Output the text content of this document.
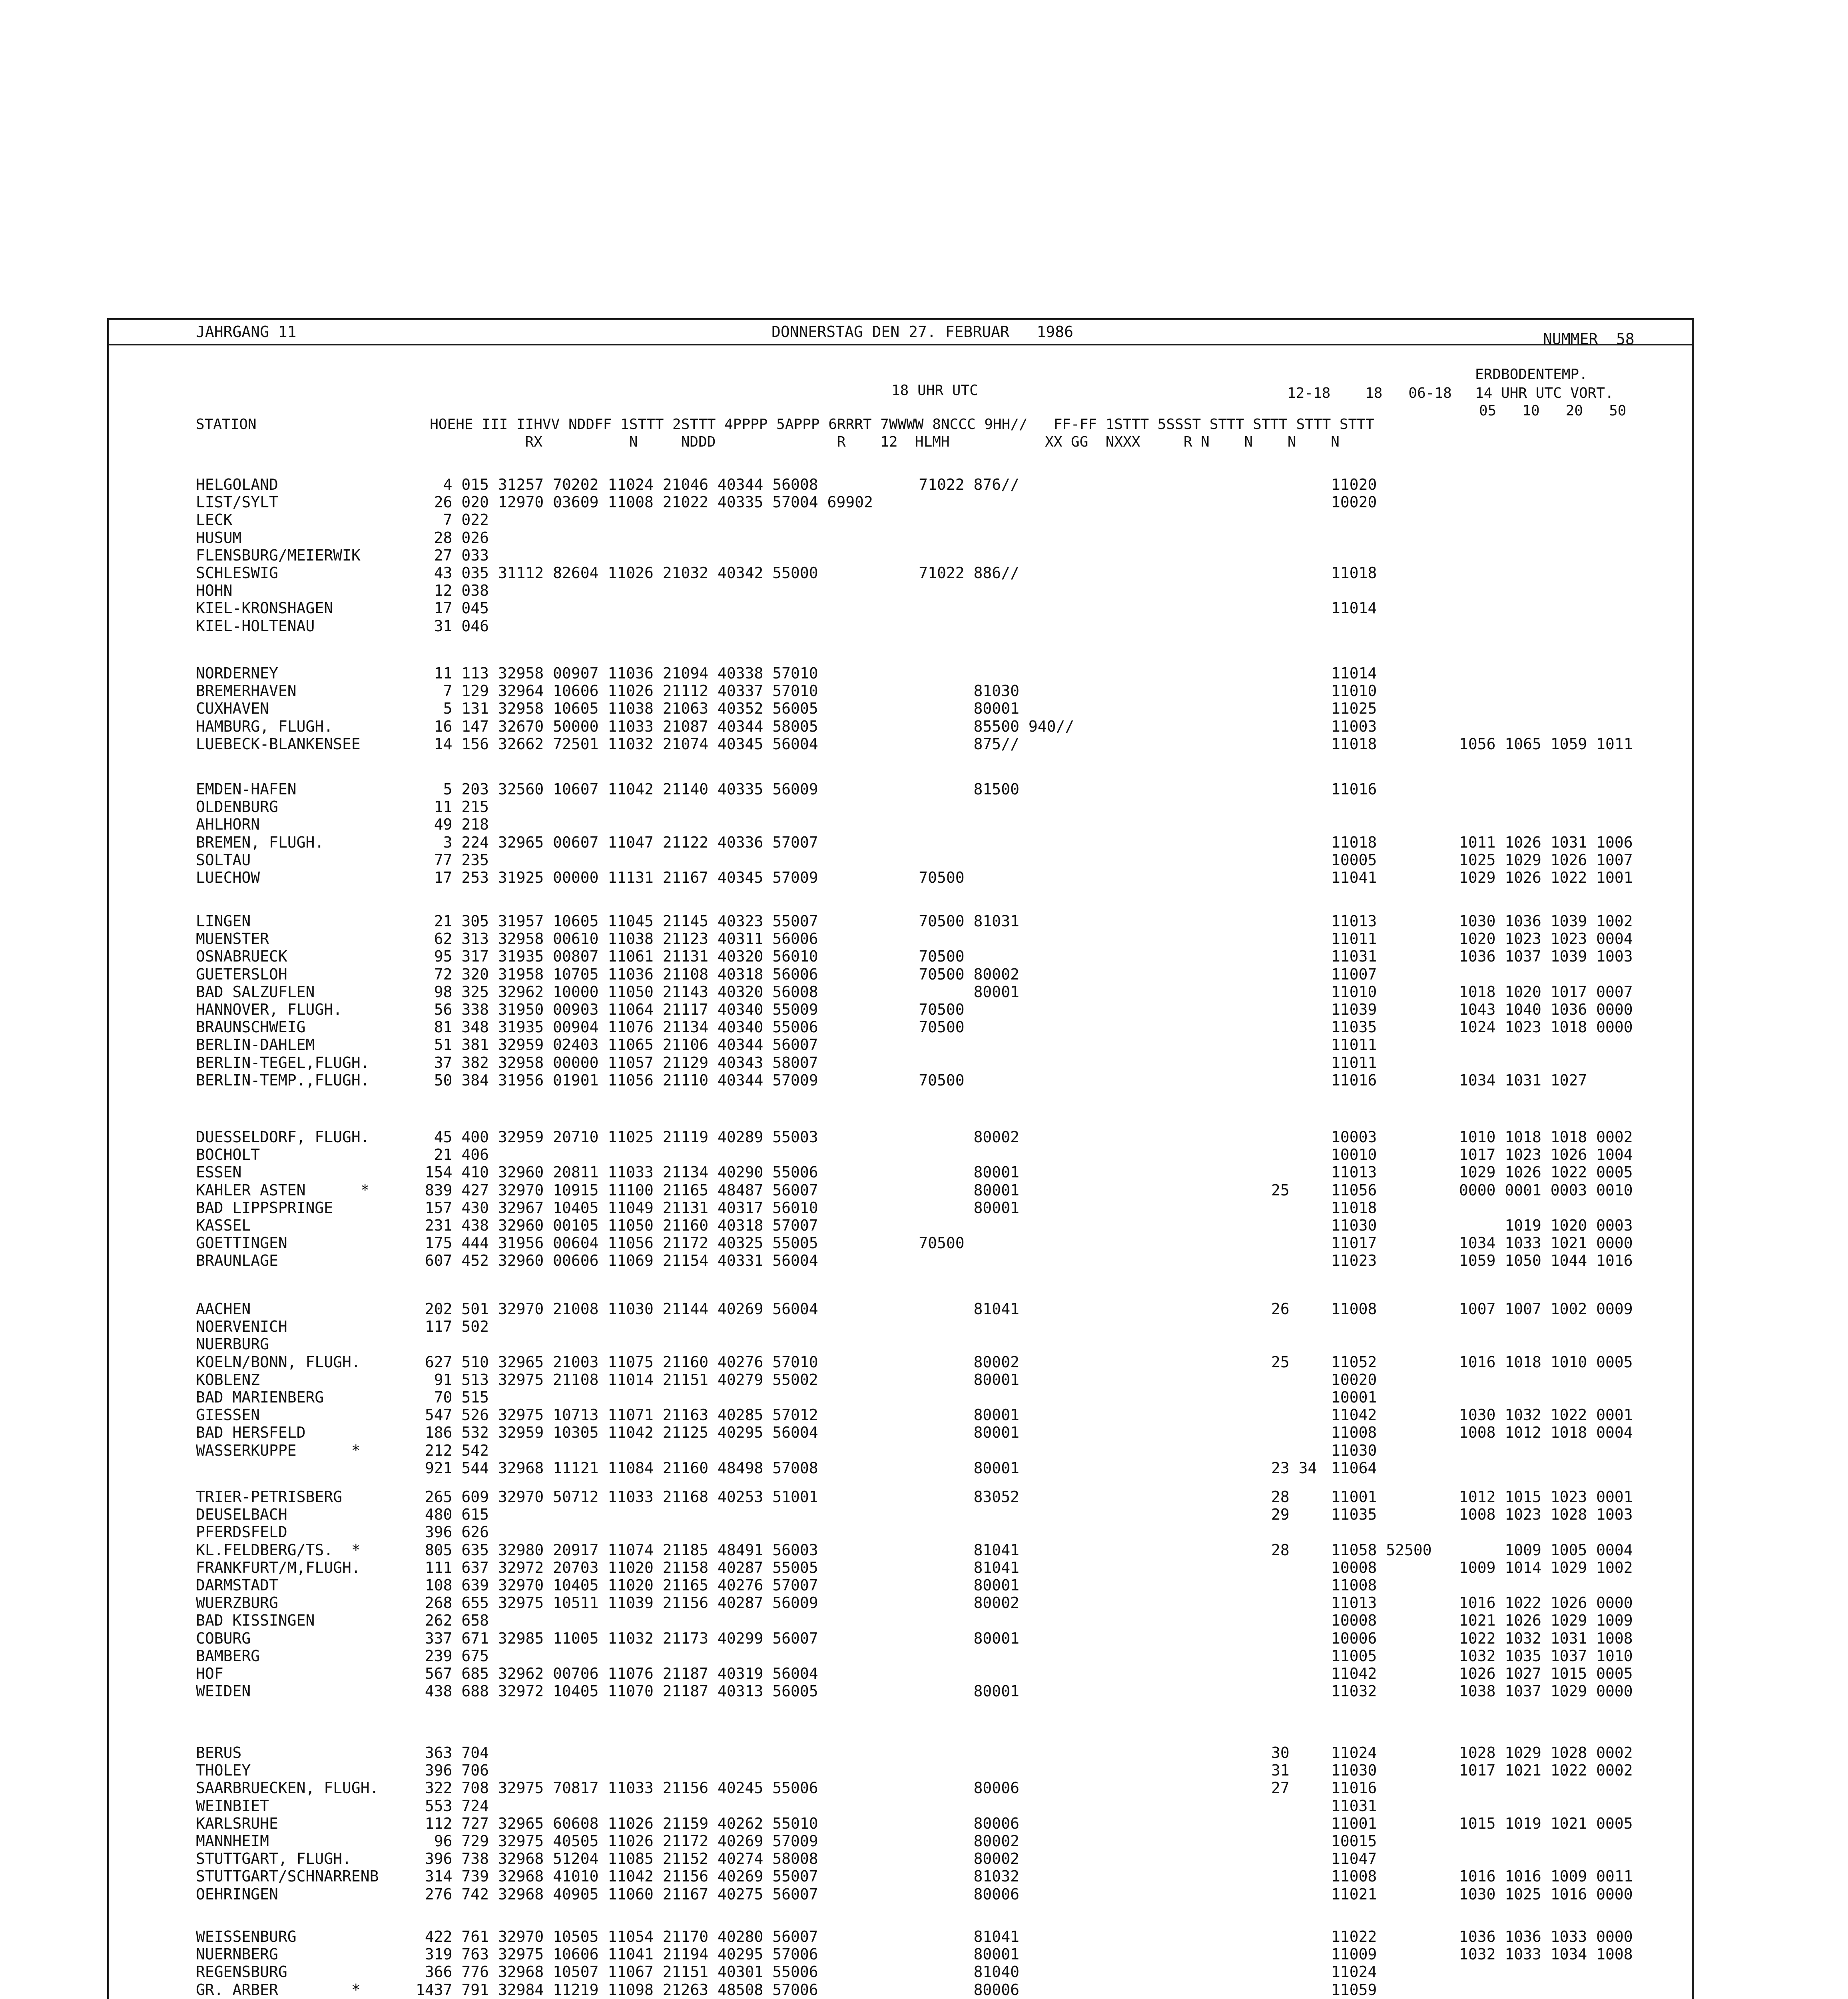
JAHRGANG 11	DONNERSTAG DEN 27. FEBRUAR   1986	NUMMER  58
18 UHR UTC
ERDBODENTEMP.
12-18    18   06-18 14 UHR UTC VORT.
05   10   20   50
STATION                    HOEHE III IIHVV NDDFF 1STTT 2STTT 4PPPP 5APPP 6RRRT 7WWWW 8NCCC 9HH//   FF-FF 1STTT 5SSST STTT STTT STTT STTT
RX          N     NDDD              R    12  HLMH           XX GG  NXXX     R N    N    N    N
HELGOLAND	4 015 31257 70202 11024 21046 40344 56008           71022 876//	11020
LIST/SYLT	26 020 12970 03609 11008 21022 40335 57004 69902	10020
LECK	7 022
HUSUM	28 026
FLENSBURG/MEIERWIK	27 033
SCHLESWIG	43 035 31112 82604 11026 21032 40342 55000           71022 886//	11018
HOHN	12 038
KIEL-KRONSHAGEN	17 045	11014
KIEL-HOLTENAU	31 046
NORDERNEY	11 113 32958 00907 11036 21094 40338 57010	11014
BREMERHAVEN	7 129 32964 10606 11026 21112 40337 57010                 81030	11010
CUXHAVEN	5 131 32958 10605 11038 21063 40352 56005                 80001	11025
HAMBURG, FLUGH.	16 147 32670 50000 11033 21087 40344 58005                 85500 940//	11003
LUEBECK-BLANKENSEE	14 156 32662 72501 11032 21074 40345 56004                 875//	11018	1056 1065 1059 1011
EMDEN-HAFEN	5 203 32560 10607 11042 21140 40335 56009                 81500	11016
OLDENBURG	11 215
AHLHORN	49 218
BREMEN, FLUGH.	3 224 32965 00607 11047 21122 40336 57007	11018	1011 1026 1031 1006
SOLTAU	77 235	10005	1025 1029 1026 1007
LUECHOW	17 253 31925 00000 11131 21167 40345 57009           70500	11041	1029 1026 1022 1001
LINGEN	21 305 31957 10605 11045 21145 40323 55007           70500 81031	11013	1030 1036 1039 1002
MUENSTER	62 313 32958 00610 11038 21123 40311 56006	11011	1020 1023 1023 0004
OSNABRUECK	95 317 31935 00807 11061 21131 40320 56010           70500	11031	1036 1037 1039 1003
GUETERSLOH	72 320 31958 10705 11036 21108 40318 56006           70500 80002	11007
BAD SALZUFLEN	98 325 32962 10000 11050 21143 40320 56008                 80001	11010	1018 1020 1017 0007
HANNOVER, FLUGH.	56 338 31950 00903 11064 21117 40340 55009           70500	11039	1043 1040 1036 0000
BRAUNSCHWEIG	81 348 31935 00904 11076 21134 40340 55006           70500	11035	1024 1023 1018 0000
BERLIN-DAHLEM	51 381 32959 02403 11065 21106 40344 56007	11011
BERLIN-TEGEL,FLUGH.	37 382 32958 00000 11057 21129 40343 58007	11011
BERLIN-TEMP.,FLUGH.	50 384 31956 01901 11056 21110 40344 57009           70500	11016	1034 1031 1027
DUESSELDORF, FLUGH.	45 400 32959 20710 11025 21119 40289 55003                 80002	10003	1010 1018 1018 0002
BOCHOLT	21 406	10010	1017 1023 1026 1004
ESSEN	154 410 32960 20811 11033 21134 40290 55006                 80001	11013	1029 1026 1022 0005
KAHLER ASTEN      *	839 427 32970 10915 11100 21165 48487 56007                 80001	25	11056	0000 0001 0003 0010
BAD LIPPSPRINGE	157 430 32967 10405 11049 21131 40317 56010                 80001	11018
KASSEL	231 438 32960 00105 11050 21160 40318 57007	11030	1019 1020 0003
GOETTINGEN	175 444 31956 00604 11056 21172 40325 55005           70500	11017	1034 1033 1021 0000
BRAUNLAGE	607 452 32960 00606 11069 21154 40331 56004	11023	1059 1050 1044 1016
AACHEN	202 501 32970 21008 11030 21144 40269 56004                 81041	26	11008	1007 1007 1002 0009
NOERVENICH	117 502
NUERBURG

KOELN/BONN, FLUGH.	627 510 32965 21003 11075 21160 40276 57010                 80002	25	11052	1016 1018 1010 0005
KOBLENZ	91 513 32975 21108 11014 21151 40279 55002                 80001	10020
BAD MARIENBERG	70 515	10001
GIESSEN	547 526 32975 10713 11071 21163 40285 57012                 80001	11042	1030 1032 1022 0001
BAD HERSFELD	186 532 32959 10305 11042 21125 40295 56004                 80001	11008	1008 1012 1018 0004
WASSERKUPPE      *	212 542	11030
921 544 32968 11121 11084 21160 48498 57008                 80001	23 34 11064
TRIER-PETRISBERG	265 609 32970 50712 11033 21168 40253 51001                 83052	28	11001	1012 1015 1023 0001
DEUSELBACH	480 615	29	11035	1008 1023 1028 1003
PFERDSFELD	396 626
KL.FELDBERG/TS.  *	805 635 32980 20917 11074 21185 48491 56003                 81041	28	11058 52500 1009 1005 0004
FRANKFURT/M,FLUGH.	111 637 32972 20703 11020 21158 40287 55005                 81041	10008	1009 1014 1029 1002
DARMSTADT	108 639 32970 10405 11020 21165 40276 57007                 80001	11008
WUERZBURG	268 655 32975 10511 11039 21156 40287 56009                 80002	11013	1016 1022 1026 0000
BAD KISSINGEN	262 658	10008	1021 1026 1029 1009
COBURG	337 671 32985 11005 11032 21173 40299 56007                 80001	10006	1022 1032 1031 1008
BAMBERG	239 675	11005	1032 1035 1037 1010
HOF	567 685 32962 00706 11076 21187 40319 56004	11042	1026 1027 1015 0005
WEIDEN	438 688 32972 10405 11070 21187 40313 56005                 80001	11032	1038 1037 1029 0000
BERUS	363 704	30	11024	1028 1029 1028 0002
THOLEY	396 706	31	11030	1017 1021 1022 0002
SAARBRUECKEN, FLUGH. 322 708 32975 70817 11033 21156 40245 55006                 80006	27	11016
WEINBIET	553 724	11031
KARLSRUHE	112 727 32965 60608 11026 21159 40262 55010                 80006	11001	1015 1019 1021 0005
MANNHEIM	96 729 32975 40505 11026 21172 40269 57009                 80002	10015
STUTTGART, FLUGH.	396 738 32968 51204 11085 21152 40274 58008                 80002	11047
STUTTGART/SCHNARRENB 314 739 32968 41010 11042 21156 40269 55007                 81032	11008	1016 1016 1009 0011
OEHRINGEN	276 742 32968 40905 11060 21167 40275 56007                 80006	11021	1030 1025 1016 0000
WEISSENBURG	422 761 32970 10505 11054 21170 40280 56007                 81041	11022	1036 1036 1033 0000
NUERNBERG	319 763 32975 10606 11041 21194 40295 57006                 80001	11009	1032 1033 1034 1008
REGENSBURG	366 776 32968 10507 11067 21151 40301 55006                 81040	11024
GR. ARBER        *	1437 791 32984 11219 11098 21263 48508 57006                 80006	11059
